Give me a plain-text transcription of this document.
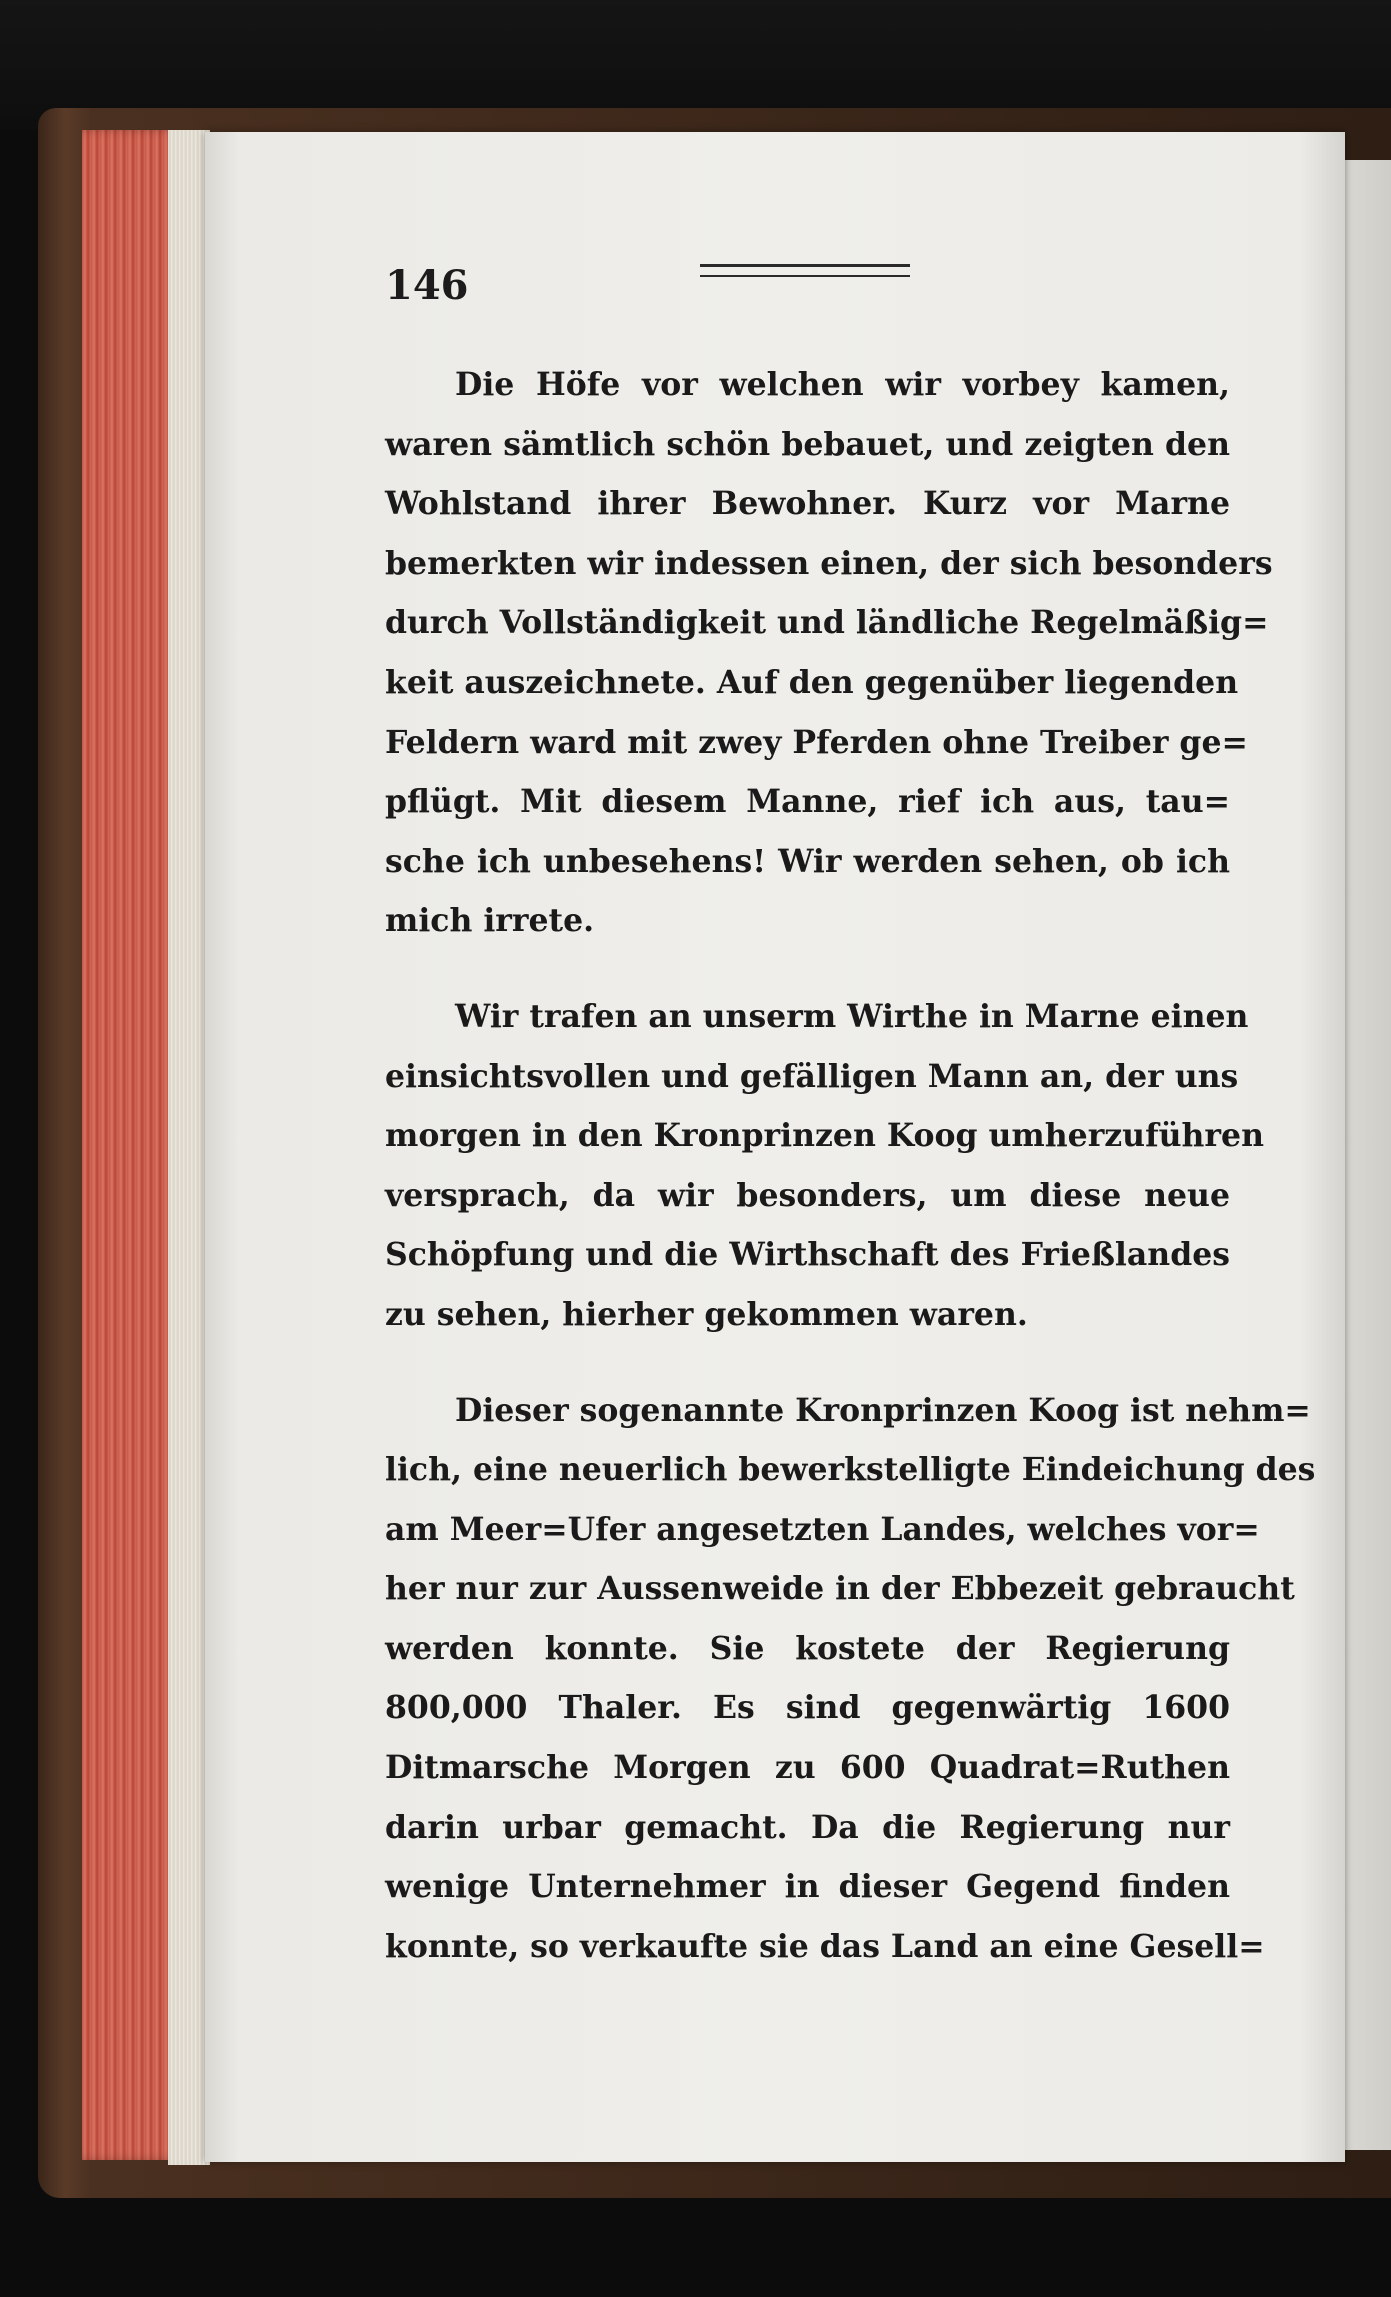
146

Die Höfe vor welchen wir vorbey kamen,
waren sämtlich schön bebauet, und zeigten den
Wohlstand ihrer Bewohner. Kurz vor Marne
bemerkten wir indessen einen, der sich besonders
durch Vollständigkeit und ländliche Regelmäßig=
keit auszeichnete. Auf den gegenüber liegenden
Feldern ward mit zwey Pferden ohne Treiber ge=
pflügt. Mit diesem Manne, rief ich aus, tau=
sche ich unbesehens! Wir werden sehen, ob ich
mich irrete.
Wir trafen an unserm Wirthe in Marne einen
einsichtsvollen und gefälligen Mann an, der uns
morgen in den Kronprinzen Koog umherzuführen
versprach, da wir besonders, um diese neue
Schöpfung und die Wirthschaft des Frießlandes
zu sehen, hierher gekommen waren.
Dieser sogenannte Kronprinzen Koog ist nehm=
lich, eine neuerlich bewerkstelligte Eindeichung des
am Meer=Ufer angesetzten Landes, welches vor=
her nur zur Aussenweide in der Ebbezeit gebraucht
werden konnte. Sie kostete der Regierung
800,000 Thaler. Es sind gegenwärtig 1600
Ditmarsche Morgen zu 600 Quadrat=Ruthen
darin urbar gemacht. Da die Regierung nur
wenige Unternehmer in dieser Gegend finden
konnte, so verkaufte sie das Land an eine Gesell=
